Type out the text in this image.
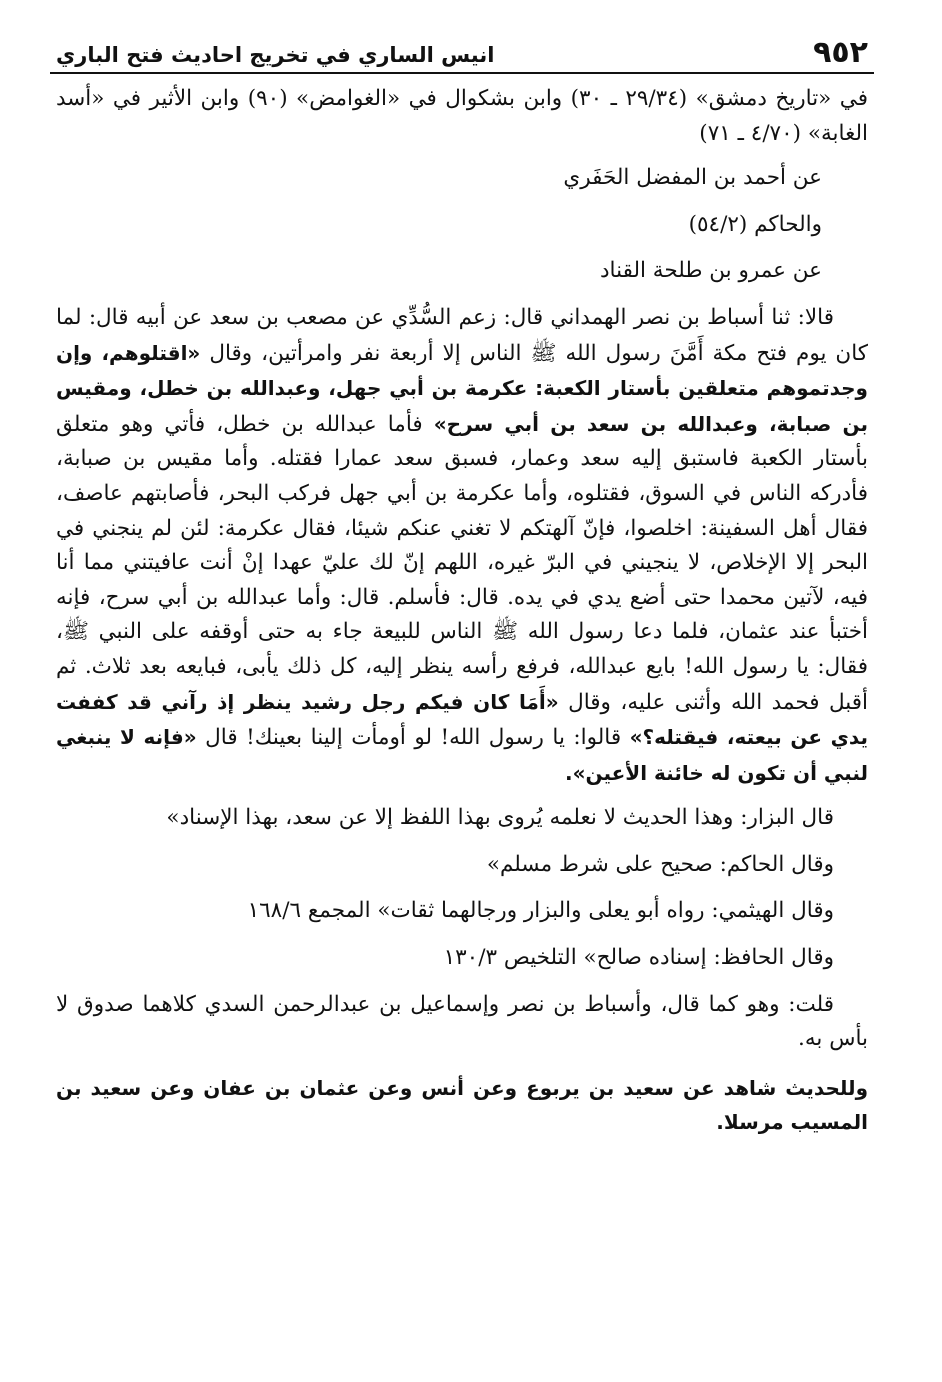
٩٥٢
انيس الساري في تخريج احاديث فتح الباري

في «تاريخ دمشق» (٢٩/٣٤ ـ ٣٠) وابن بشكوال في «الغوامض» (٩٠) وابن الأثير في «أسد الغابة» (٤/٧٠ ـ ٧١)

عن أحمد بن المفضل الحَفَري

والحاكم (٥٤/٢)

عن عمرو بن طلحة القناد

قالا: ثنا أسباط بن نصر الهمداني قال: زعم السُّدِّي عن مصعب بن سعد عن أبيه قال: لما كان يوم فتح مكة أَمَّنَ رسول الله ﷺ الناس إلا أربعة نفر وامرأتين، وقال «اقتلوهم، وإن وجدتموهم متعلقين بأستار الكعبة: عكرمة بن أبي جهل، وعبدالله بن خطل، ومقيس بن صبابة، وعبدالله بن سعد بن أبي سرح» فأما عبدالله بن خطل، فأتي وهو متعلق بأستار الكعبة فاستبق إليه سعد وعمار، فسبق سعد عمارا فقتله. وأما مقيس بن صبابة، فأدركه الناس في السوق، فقتلوه، وأما عكرمة بن أبي جهل فركب البحر، فأصابتهم عاصف، فقال أهل السفينة: اخلصوا، فإنّ آلهتكم لا تغني عنكم شيئا، فقال عكرمة: لئن لم ينجني في البحر إلا الإخلاص، لا ينجيني في البرّ غيره، اللهم إنّ لك عليّ عهدا إنْ أنت عافيتني مما أنا فيه، لآتين محمدا حتى أضع يدي في يده. قال: فأسلم. قال: وأما عبدالله بن أبي سرح، فإنه أختبأ عند عثمان، فلما دعا رسول الله ﷺ الناس للبيعة جاء به حتى أوقفه على النبي ﷺ، فقال: يا رسول الله! بايع عبدالله، فرفع رأسه ينظر إليه، كل ذلك يأبى، فبايعه بعد ثلاث. ثم أقبل فحمد الله وأثنى عليه، وقال «أَمَا كان فيكم رجل رشيد ينظر إذ رآني قد كففت يدي عن بيعته، فيقتله؟» قالوا: يا رسول الله! لو أومأت إلينا بعينك! قال «فإنه لا ينبغي لنبي أن تكون له خائنة الأعين».

قال البزار: وهذا الحديث لا نعلمه يُروى بهذا اللفظ إلا عن سعد، بهذا الإسناد»

وقال الحاكم: صحيح على شرط مسلم»

وقال الهيثمي: رواه أبو يعلى والبزار ورجالهما ثقات» المجمع ١٦٨/٦

وقال الحافظ: إسناده صالح» التلخيص ١٣٠/٣

قلت: وهو كما قال، وأسباط بن نصر وإسماعيل بن عبدالرحمن السدي كلاهما صدوق لا بأس به.

وللحديث شاهد عن سعيد بن يربوع وعن أنس وعن عثمان بن عفان وعن سعيد بن المسيب مرسلا.
